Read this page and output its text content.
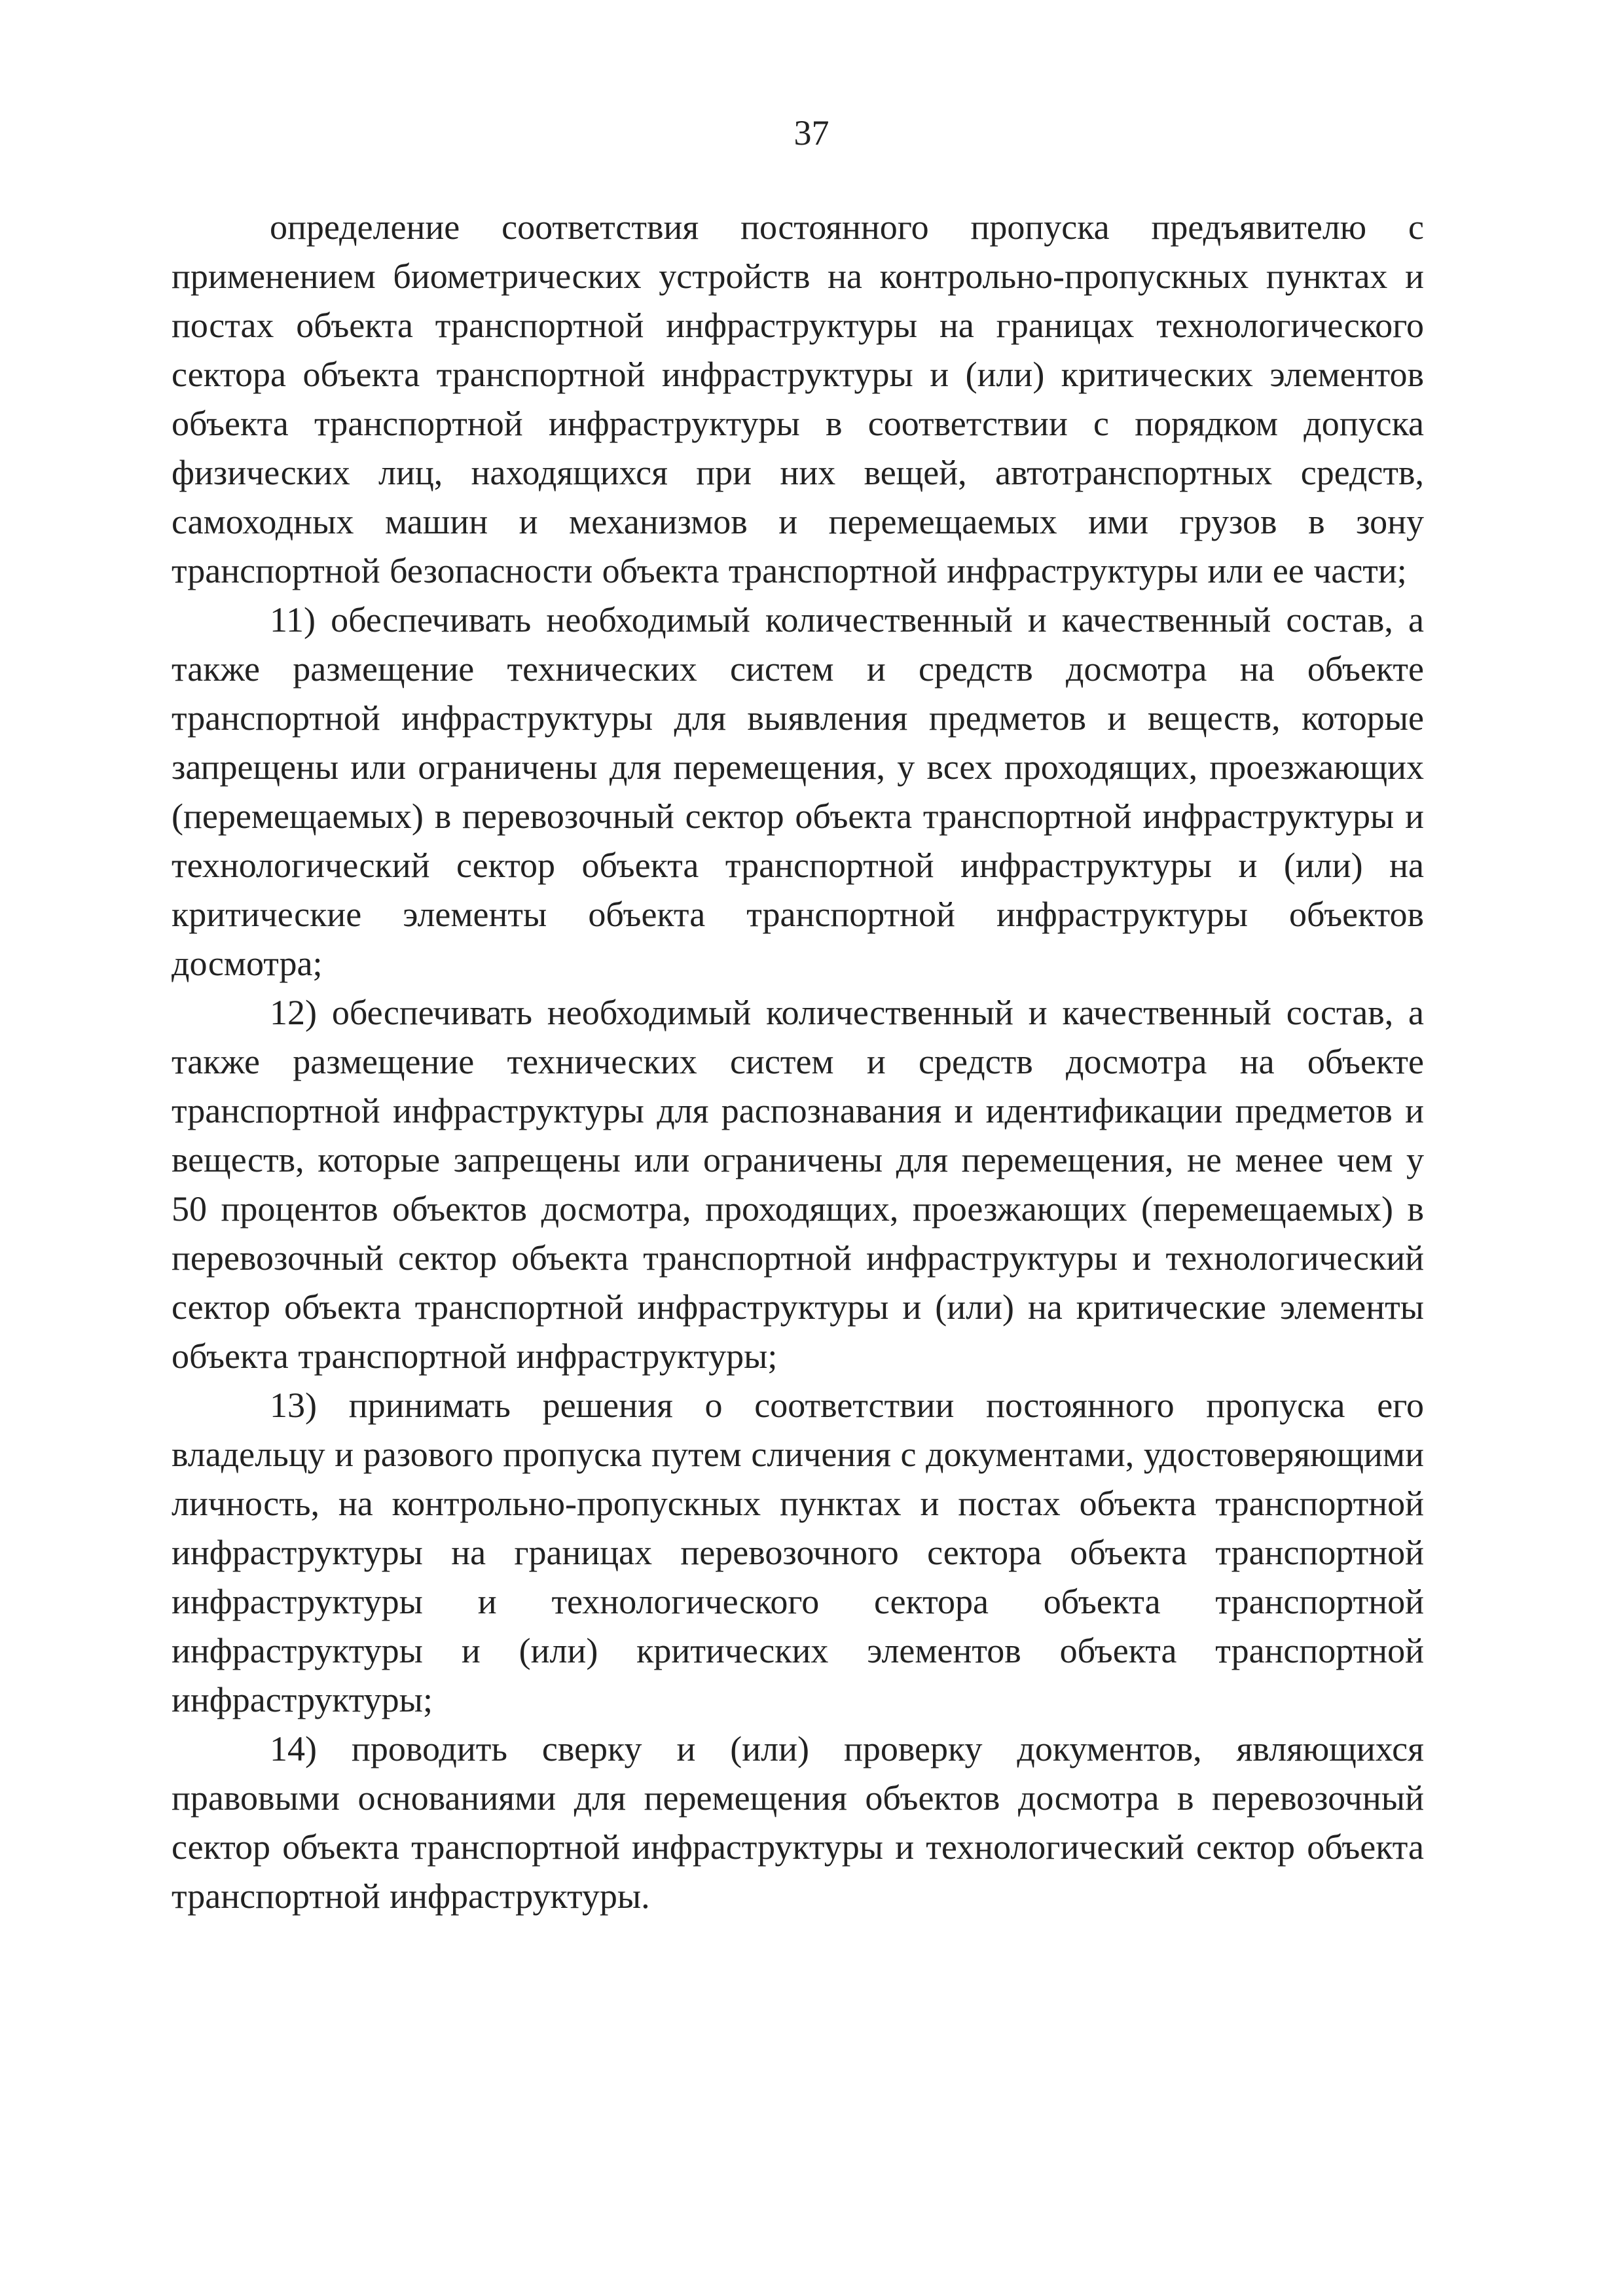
37

определение соответствия постоянного пропуска предъявителю с применением биометрических устройств на контрольно-пропускных пунктах и постах объекта транспортной инфраструктуры на границах технологического сектора объекта транспортной инфраструктуры и (или) критических элементов объекта транспортной инфраструктуры в соответствии с порядком допуска физических лиц, находящихся при них вещей, автотранспортных средств, самоходных машин и механизмов и перемещаемых ими грузов в зону транспортной безопасности объекта транспортной инфраструктуры или ее части;

11) обеспечивать необходимый количественный и качественный состав, а также размещение технических систем и средств досмотра на объекте транспортной инфраструктуры для выявления предметов и веществ, которые запрещены или ограничены для перемещения, у всех проходящих, проезжающих (перемещаемых) в перевозочный сектор объекта транспортной инфраструктуры и технологический сектор объекта транспортной инфраструктуры и (или) на критические элементы объекта транспортной инфраструктуры объектов досмотра;

12) обеспечивать необходимый количественный и качественный состав, а также размещение технических систем и средств досмотра на объекте транспортной инфраструктуры для распознавания и идентификации предметов и веществ, которые запрещены или ограничены для перемещения, не менее чем у 50 процентов объектов досмотра, проходящих, проезжающих (перемещаемых) в перевозочный сектор объекта транспортной инфраструктуры и технологический сектор объекта транспортной инфраструктуры и (или) на критические элементы объекта транспортной инфраструктуры;

13) принимать решения о соответствии постоянного пропуска его владельцу и разового пропуска путем сличения с документами, удостоверяющими личность, на контрольно-пропускных пунктах и постах объекта транспортной инфраструктуры на границах перевозочного сектора объекта транспортной инфраструктуры и технологического сектора объекта транспортной инфраструктуры и (или) критических элементов объекта транспортной инфраструктуры;

14) проводить сверку и (или) проверку документов, являющихся правовыми основаниями для перемещения объектов досмотра в перевозочный сектор объекта транспортной инфраструктуры и технологический сектор объекта транспортной инфраструктуры.
